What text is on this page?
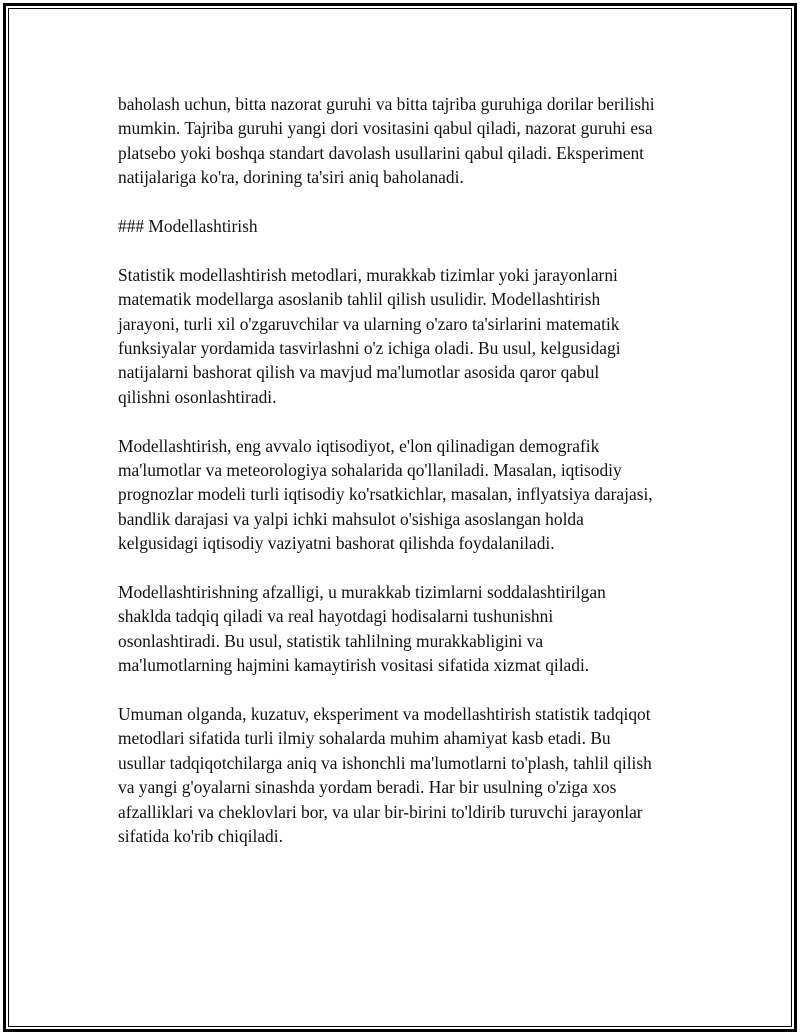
baholash uchun, bitta nazorat guruhi va bitta tajriba guruhiga dorilar berilishi
mumkin. Tajriba guruhi yangi dori vositasini qabul qiladi, nazorat guruhi esa
platsebo yoki boshqa standart davolash usullarini qabul qiladi. Eksperiment
natijalariga ko'ra, dorining ta'siri aniq baholanadi.

### Modellashtirish

Statistik modellashtirish metodlari, murakkab tizimlar yoki jarayonlarni
matematik modellarga asoslanib tahlil qilish usulidir. Modellashtirish
jarayoni, turli xil o'zgaruvchilar va ularning o'zaro ta'sirlarini matematik
funksiyalar yordamida tasvirlashni o'z ichiga oladi. Bu usul, kelgusidagi
natijalarni bashorat qilish va mavjud ma'lumotlar asosida qaror qabul
qilishni osonlashtiradi.

Modellashtirish, eng avvalo iqtisodiyot, e'lon qilinadigan demografik
ma'lumotlar va meteorologiya sohalarida qo'llaniladi. Masalan, iqtisodiy
prognozlar modeli turli iqtisodiy ko'rsatkichlar, masalan, inflyatsiya darajasi,
bandlik darajasi va yalpi ichki mahsulot o'sishiga asoslangan holda
kelgusidagi iqtisodiy vaziyatni bashorat qilishda foydalaniladi.

Modellashtirishning afzalligi, u murakkab tizimlarni soddalashtirilgan
shaklda tadqiq qiladi va real hayotdagi hodisalarni tushunishni
osonlashtiradi. Bu usul, statistik tahlilning murakkabligini va
ma'lumotlarning hajmini kamaytirish vositasi sifatida xizmat qiladi.

Umuman olganda, kuzatuv, eksperiment va modellashtirish statistik tadqiqot
metodlari sifatida turli ilmiy sohalarda muhim ahamiyat kasb etadi. Bu
usullar tadqiqotchilarga aniq va ishonchli ma'lumotlarni to'plash, tahlil qilish
va yangi g'oyalarni sinashda yordam beradi. Har bir usulning o'ziga xos
afzalliklari va cheklovlari bor, va ular bir-birini to'ldirib turuvchi jarayonlar
sifatida ko'rib chiqiladi.
